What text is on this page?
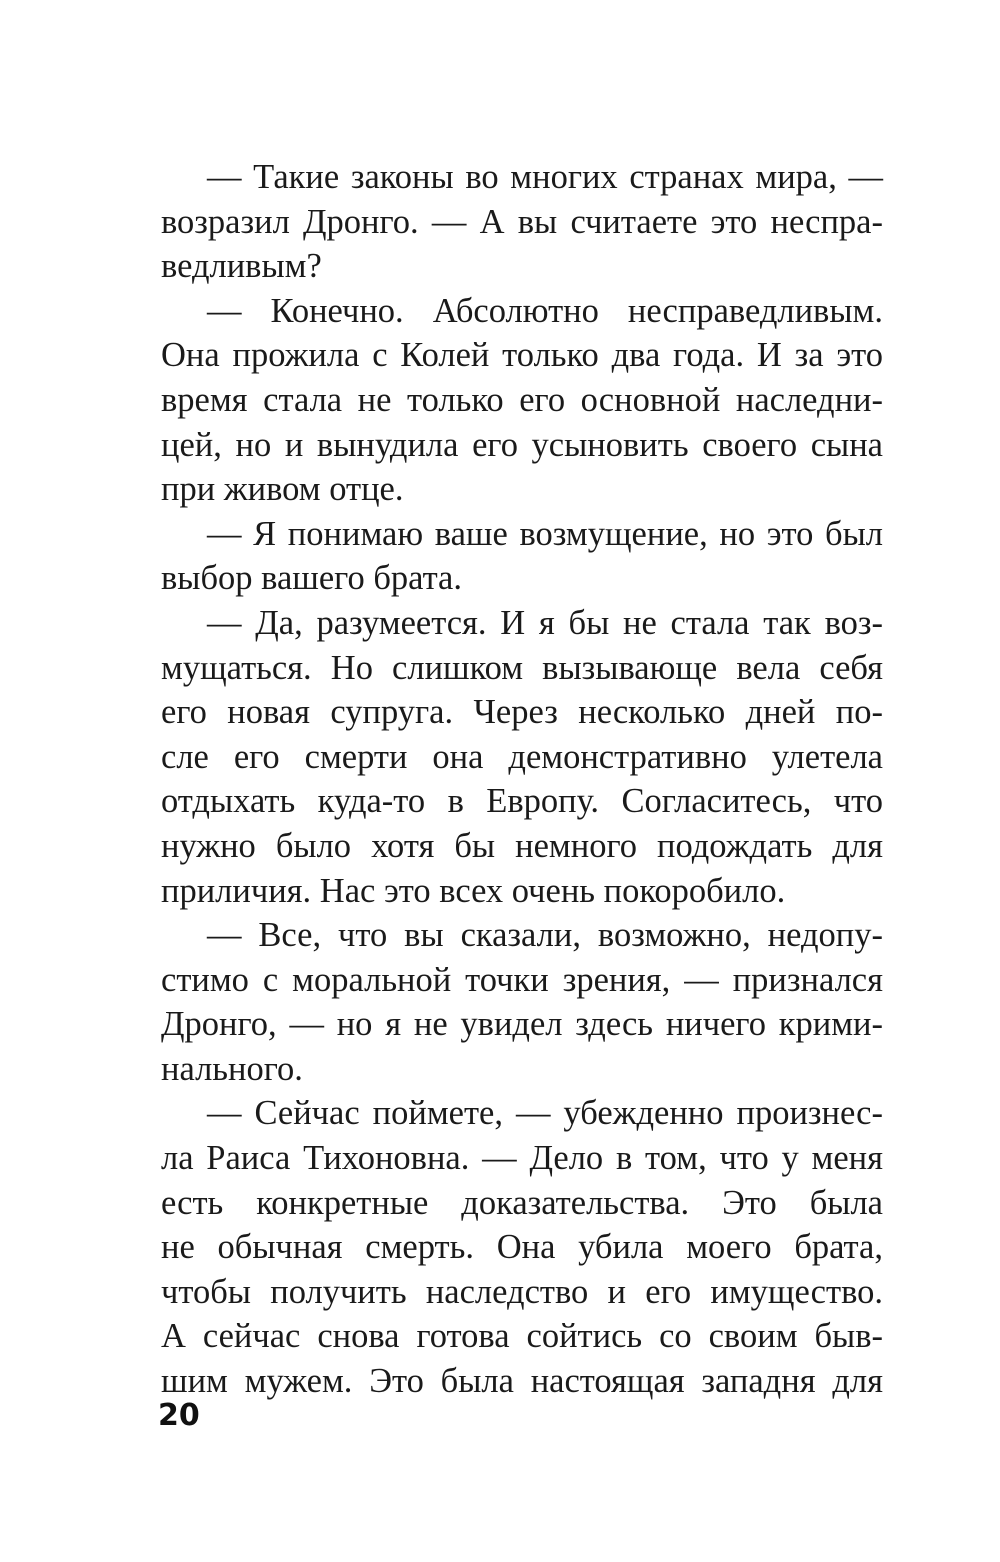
— Такие законы во многих странах мира, —
возразил Дронго. — А вы считаете это неспра-
ведливым?
— Конечно. Абсолютно несправедливым.
Она прожила с Колей только два года. И за это
время стала не только его основной наследни-
цей, но и вынудила его усыновить своего сына
при живом отце.
— Я понимаю ваше возмущение, но это был
выбор вашего брата.
— Да, разумеется. И я бы не стала так воз-
мущаться. Но слишком вызывающе вела себя
его новая супруга. Через несколько дней по-
сле его смерти она демонстративно улетела
отдыхать куда-то в Европу. Согласитесь, что
нужно было хотя бы немного подождать для
приличия. Нас это всех очень покоробило.
— Все, что вы сказали, возможно, недопу-
стимо с моральной точки зрения, — признался
Дронго, — но я не увидел здесь ничего крими-
нального.
— Сейчас поймете, — убежденно произнес-
ла Раиса Тихоновна. — Дело в том, что у меня
есть конкретные доказательства. Это была
не обычная смерть. Она убила моего брата,
чтобы получить наследство и его имущество.
А сейчас снова готова сойтись со своим быв-
шим мужем. Это была настоящая западня для
20
